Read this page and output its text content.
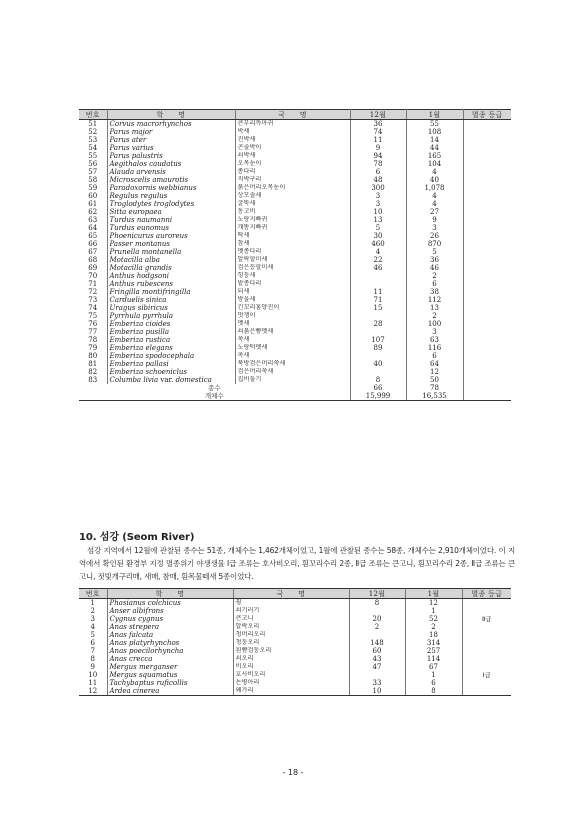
번호	학　　명	국　　명	12월	1월	멸종 등급
51	Corvus macrorhynchos	큰부리까마귀	36	55	
52	Parus major	박새	74	108	
53	Parus ater	진박새	11	14	
54	Parus varius	곤줄박이	9	44	
55	Parus palustris	쇠박새	94	165	
56	Aegithalos caudatus	오목눈이	78	104	
57	Alauda arvensis	종다리	6	4	
58	Microscelis amaurotis	직박구리	48	40	
59	Paradoxornis webbianus	붉은머리오목눈이	300	1,078	
60	Regulus regulus	상모솔새	3	4	
61	Troglodytes troglodytes	굴뚝새	3	4	
62	Sitta europaea	동고비	10	27	
63	Turdus naumanni	노랑지빠귀	13	9	
64	Turdus eunomus	개똥지빠귀	5	3	
65	Phoenicurus auroreus	딱새	30	26	
66	Passer montanus	참새	460	870	
67	Prunella montanella	멧종다리	4	5	
68	Motacilla alba	알락할미새	22	36	
69	Motacilla grandis	검은등할미새	46	46	
70	Anthus hodgsoni	힝둥새		2	
71	Anthus rubescens	밭종다리		6	
72	Fringilla montifringilla	되새	11	38	
73	Carduelis sinica	방울새	71	112	
74	Uragus sibiricus	긴꼬리홍양진이	15	13	
75	Pyrrhula pyrrhula	멋쟁이		2	
76	Emberiza cioides	멧새	28	100	
77	Emberiza pusilla	쇠붉은뺨멧새		3	
78	Emberiza rustica	쑥새	107	63	
79	Emberiza elegans	노랑턱멧새	89	116	
80	Emberiza spodocephala	촉새		6	
81	Emberiza pallasi	북방검은머리쑥새	40	64	
82	Emberiza schoeniclus	검은머리쑥새		12	
83	Columba livia var. domestica	집비둘기	8	50	
종수			66	78	
개체수			15,999	16,535	
10. 섬강 (Seom River)

섬강 지역에서 12월에 관찰된 종수는 51종, 개체수는 1,462개체이었고, 1월에 관찰된 종수는 58종, 개체수는 2,910개체이었다. 이 지역에서 확인된 환경부 지정 멸종위기 야생생물 Ⅰ급 조류는 호사비오리, 흰꼬리수리 2종, Ⅱ급 조류는 큰고니, 흰꼬리수리 2종, Ⅱ급 조류는 큰고니, 젓빛개구리매, 새매, 참매, 흰목물떼새 5종이었다.

번호	학　　명	국　　명	12월	1월	멸종 등급
1	Phasianus colchicus	꿩	8	12	
2	Anser albifrons	쇠기러기		1	
3	Cygnus cygnus	큰고니	20	52	Ⅱ급
4	Anas strepera	알락오리	2	2	
5	Anas falcata	청머리오리		18	
6	Anas platyrhynchos	청둥오리	148	314	
7	Anas poecilorhyncha	흰뺨검둥오리	60	257	
8	Anas crecca	쇠오리	43	114	
9	Mergus merganser	비오리	47	67	
10	Mergus squamatus	호사비오리		1	Ⅰ급
11	Tachybaptus ruficollis	논병아리	33	6	
12	Ardea cinerea	왜가리	10	8	
- 18 -
